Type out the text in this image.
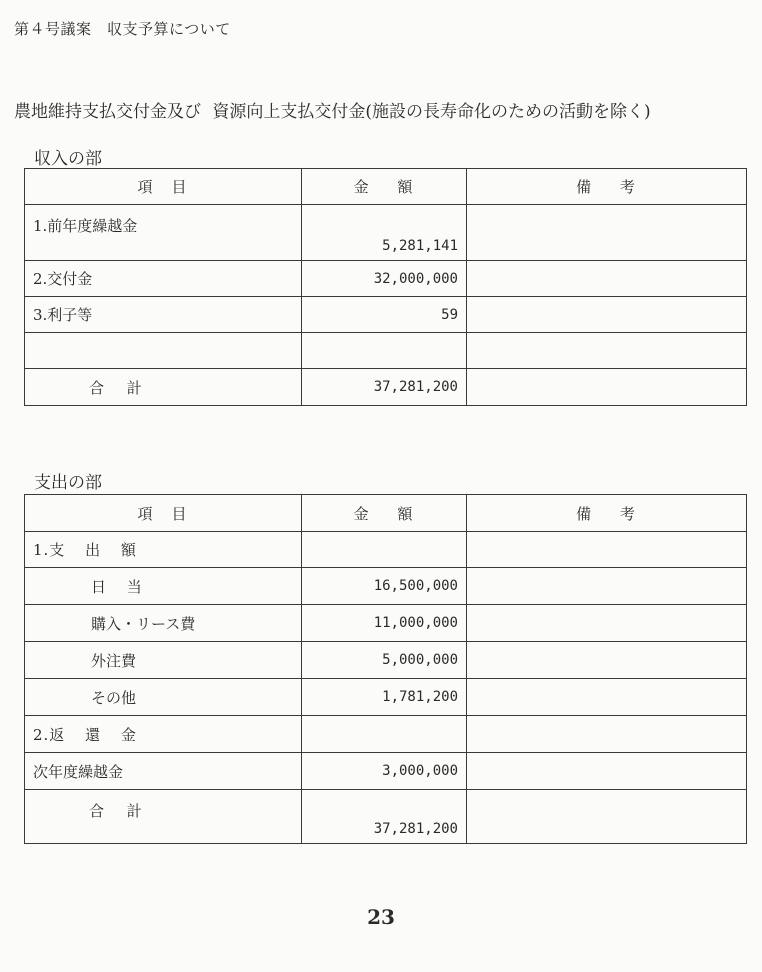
第４号議案　収支予算について
農地維持支払交付金及び 資源向上支払交付金(施設の長寿命化のための活動を除く)
収入の部
項　目	金 額	備 考
1.前年度繰越金	5,281,141	
2.交付金	32,000,000	
3.利子等	59	

合 計	37,281,200	
支出の部
項　目	金 額	備 考
1.支 出 額		
日 当	16,500,000	
購入・リース費	11,000,000	
外注費	5,000,000	
その他	1,781,200	
2.返 還 金		
次年度繰越金	3,000,000	
合 計	37,281,200	
23
